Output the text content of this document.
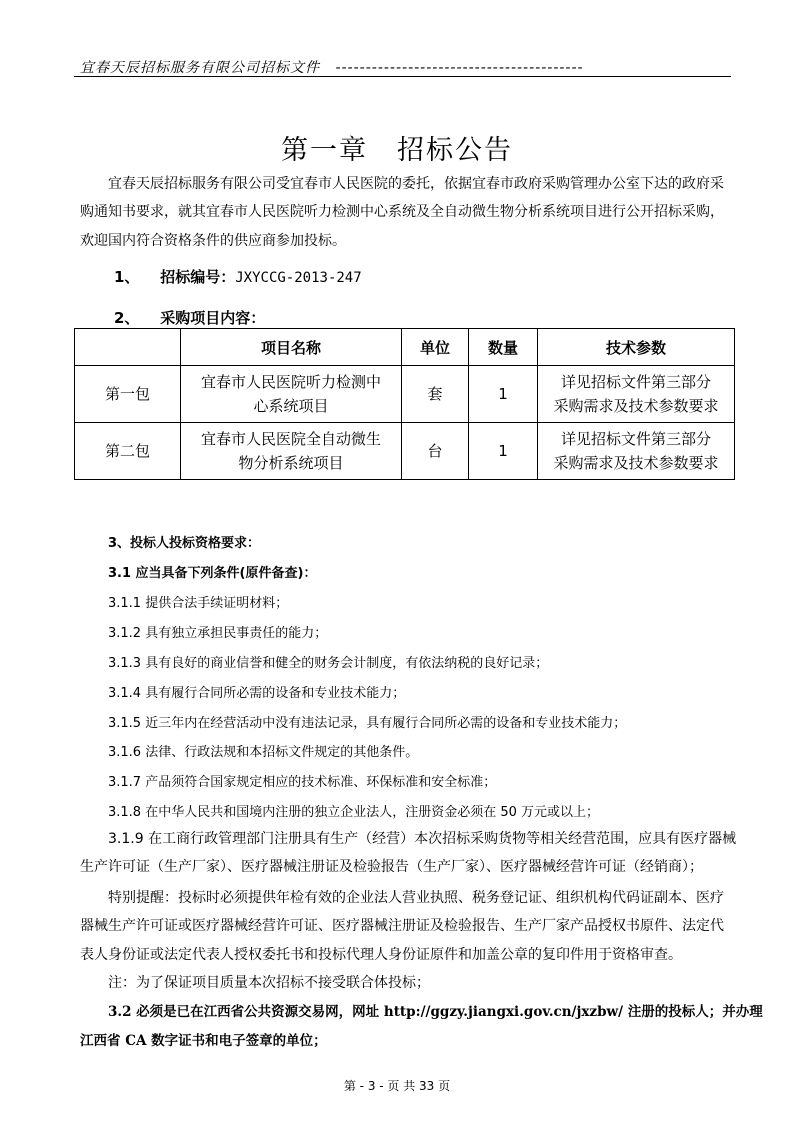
宜春天辰招标服务有限公司招标文件 -----------------------------------------
第一章　招标公告
宜春天辰招标服务有限公司受宜春市人民医院的委托，依据宜春市政府采购管理办公室下达的政府采
购通知书要求，就其宜春市人民医院听力检测中心系统及全自动微生物分析系统项目进行公开招标采购，
欢迎国内符合资格条件的供应商参加投标。
1、 招标编号：JXYCCG-2013-247
2、 采购项目内容：
	项目名称	单位	数量	技术参数
第一包	宜春市人民医院听力检测中
心系统项目	套	1	详见招标文件第三部分
采购需求及技术参数要求
第二包	宜春市人民医院全自动微生
物分析系统项目	台	1	详见招标文件第三部分
采购需求及技术参数要求
3、投标人投标资格要求：
3.1 应当具备下列条件(原件备查)：
3.1.1 提供合法手续证明材料；
3.1.2 具有独立承担民事责任的能力；
3.1.3 具有良好的商业信誉和健全的财务会计制度，有依法纳税的良好记录；
3.1.4 具有履行合同所必需的设备和专业技术能力；
3.1.5 近三年内在经营活动中没有违法记录，具有履行合同所必需的设备和专业技术能力；
3.1.6 法律、行政法规和本招标文件规定的其他条件。
3.1.7 产品须符合国家规定相应的技术标准、环保标准和安全标准；
3.1.8 在中华人民共和国境内注册的独立企业法人，注册资金必须在 50 万元或以上；
3.1.9 在工商行政管理部门注册具有生产（经营）本次招标采购货物等相关经营范围，应具有医疗器械
生产许可证（生产厂家）、医疗器械注册证及检验报告（生产厂家）、医疗器械经营许可证（经销商）；
特别提醒：投标时必须提供年检有效的企业法人营业执照、税务登记证、组织机构代码证副本、医疗
器械生产许可证或医疗器械经营许可证、医疗器械注册证及检验报告、生产厂家产品授权书原件、法定代
表人身份证或法定代表人授权委托书和投标代理人身份证原件和加盖公章的复印件用于资格审查。
注：为了保证项目质量本次招标不接受联合体投标；
3.2 必须是已在江西省公共资源交易网，网址 http://ggzy.jiangxi.gov.cn/jxzbw/ 注册的投标人；并办理
江西省 CA 数字证书和电子签章的单位；
第 - 3 - 页 共 33 页
